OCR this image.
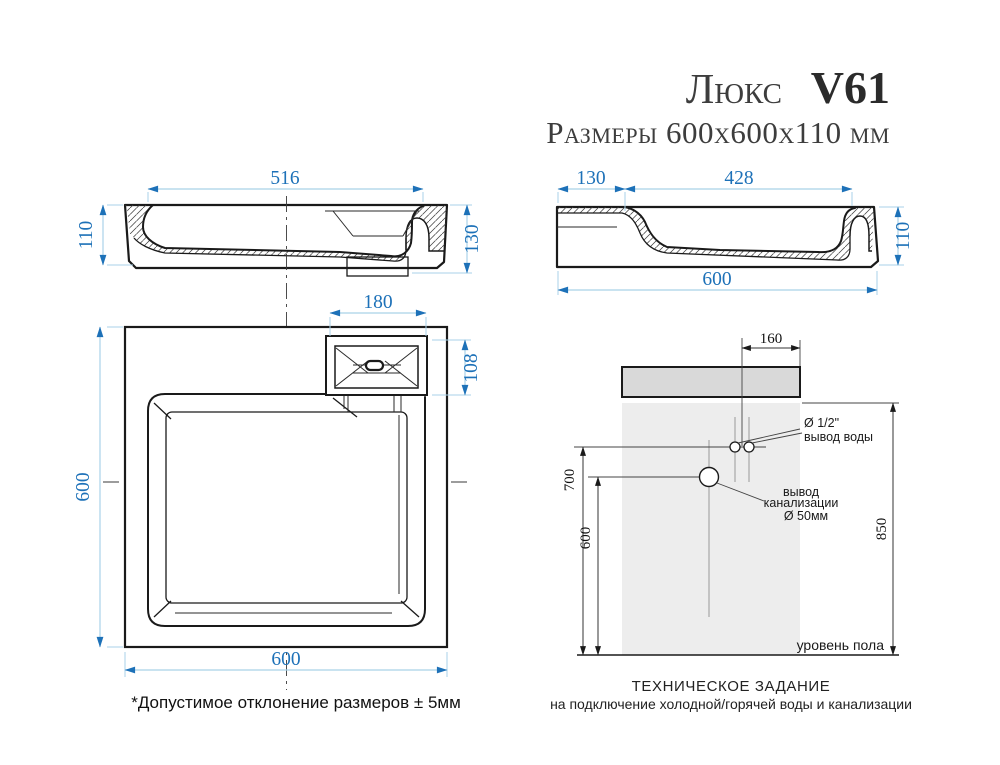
Люкс V61
Размеры 600х600х110 мм
516
110	130
130	428
110
600
180
108
600
600
160
700
600	850
Ø 1/2"
вывод воды
вывод
канализации
Ø 50мм
уровень пола
*Допустимое отклонение размеров ± 5мм
ТЕХНИЧЕСКОЕ ЗАДАНИЕ
на подключение холодной/горячей воды и канализации
